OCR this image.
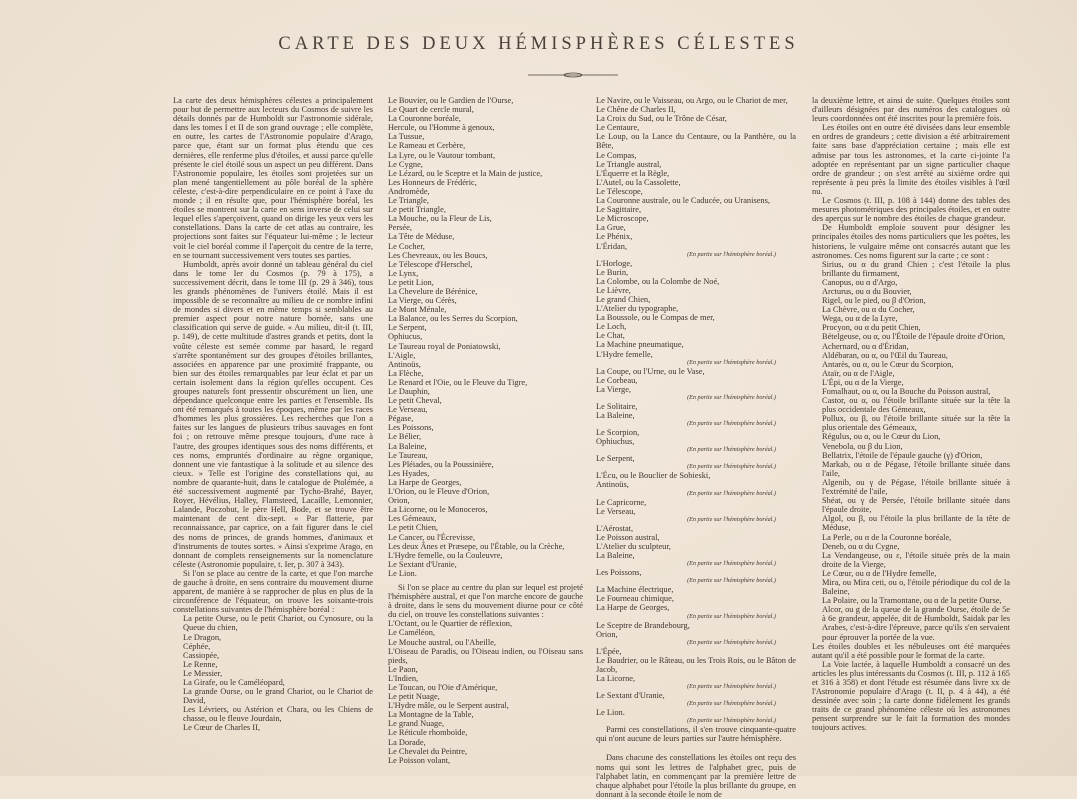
CARTE DES DEUX HÉMISPHÈRES CÉLESTES

La carte des deux hémisphères célestes a principalement pour but de permettre aux lecteurs du Cosmos de suivre les détails donnés par de Humboldt sur l'astronomie sidérale, dans les tomes I et II de son grand ouvrage ; elle complète, en outre, les cartes de l'Astronomie populaire d'Arago, parce que, étant sur un format plus étendu que ces dernières, elle renferme plus d'étoiles, et aussi parce qu'elle présente le ciel étoilé sous un aspect un peu différent. Dans l'Astronomie populaire, les étoiles sont projetées sur un plan mené tangentiellement au pôle boréal de la sphère céleste, c'est-à-dire perpendiculaire en ce point à l'axe du monde ; il en résulte que, pour l'hémisphère boréal, les étoiles se montrent sur la carte en sens inverse de celui sur lequel elles s'aperçoivent, quand on dirige les yeux vers les constellations. Dans la carte de cet atlas au contraire, les projections sont faites sur l'équateur lui-même ; le lecteur voit le ciel boréal comme il l'aperçoit du centre de la terre, en se tournant successivement vers toutes ses parties.

Humboldt, après avoir donné un tableau général du ciel dans le tome Ier du Cosmos (p. 79 à 175), a successivement décrit, dans le tome III (p. 29 à 346), tous les grands phénomènes de l'univers étoilé. Mais il est impossible de se reconnaître au milieu de ce nombre infini de mondes si divers et en même temps si semblables au premier aspect pour notre nature bornée, sans une classification qui serve de guide. « Au milieu, dit-il (t. III, p. 149), de cette multitude d'astres grands et petits, dont la voûte céleste est semée comme par hasard, le regard s'arrête spontanément sur des groupes d'étoiles brillantes, associées en apparence par une proximité frappante, ou bien sur des étoiles remarquables par leur éclat et par un certain isolement dans la région qu'elles occupent. Ces groupes naturels font pressentir obscurément un lien, une dépendance quelconque entre les parties et l'ensemble. Ils ont été remarqués à toutes les époques, même par les races d'hommes les plus grossières. Les recherches que l'on a faites sur les langues de plusieurs tribus sauvages en font foi ; on retrouve même presque toujours, d'une race à l'autre, des groupes identiques sous des noms différents, et ces noms, empruntés d'ordinaire au règne organique, donnent une vie fantastique à la solitude et au silence des cieux. » Telle est l'origine des constellations qui, au nombre de quarante-huit, dans le catalogue de Ptolémée, a été successivement augmenté par Tycho-Brahé, Bayer, Royer, Hévélius, Halley, Flamsteed, Lacaille, Lemonnier, Lalande, Poczobut, le père Hell, Bode, et se trouve être maintenant de cent dix-sept. « Par flatterie, par reconnaissance, par caprice, on a fait figurer dans le ciel des noms de princes, de grands hommes, d'animaux et d'instruments de toutes sortes. » Ainsi s'exprime Arago, en donnant de complets renseignements sur la nomenclature céleste (Astronomie populaire, t. Ier, p. 307 à 343).

Si l'on se place au centre de la carte, et que l'on marche de gauche à droite, en sens contraire du mouvement diurne apparent, de manière à se rapprocher de plus en plus de la circonférence de l'équateur, on trouve les soixante-trois constellations suivantes de l'hémisphère boréal :

La petite Ourse, ou le petit Chariot, ou Cynosure, ou la Queue du chien,
Le Dragon,
Céphée,
Cassiopée,
Le Renne,
Le Messier,
La Girafe, ou le Caméléopard,
La grande Ourse, ou le grand Chariot, ou le Chariot de David,
Les Lévriers, ou Astérion et Chara, ou les Chiens de chasse, ou le fleuve Jourdain,
Le Cœur de Charles II,
Le Bouvier, ou le Gardien de l'Ourse,
Le Quart de cercle mural,
La Couronne boréale,
Hercule, ou l'Homme à genoux,
La Tussue,
Le Rameau et Cerbère,
La Lyre, ou le Vautour tombant,
Le Cygne,
Le Lézard, ou le Sceptre et la Main de justice,
Les Honneurs de Frédéric,
Andromède,
Le Triangle,
Le petit Triangle,
La Mouche, ou la Fleur de Lis,
Persée,
La Tête de Méduse,
Le Cocher,
Les Chevreaux, ou les Boucs,
Le Télescope d'Herschel,
Le Lynx,
Le petit Lion,
La Chevelure de Bérénice,
La Vierge, ou Cérès,
Le Mont Ménale,
La Balance, ou les Serres du Scorpion,
Le Serpent,
Ophiucus,
Le Taureau royal de Poniatowski,
L'Aigle,
Antinoüs,
La Flèche,
Le Renard et l'Oie, ou le Fleuve du Tigre,
Le Dauphin,
Le petit Cheval,
Le Verseau,
Pégase,
Les Poissons,
Le Bélier,
La Baleine,
Le Taureau,
Les Pléiades, ou la Poussinière,
Les Hyades,
La Harpe de Georges,
L'Orion, ou le Fleuve d'Orion,
Orion,
La Licorne, ou le Monoceros,
Les Gémeaux,
Le petit Chien,
Le Cancer, ou l'Écrevisse,
Les deux Ânes et Præsepe, ou l'Étable, ou la Crèche,
L'Hydre femelle, ou la Couleuvre,
Le Sextant d'Uranie,
Le Lion.

Si l'on se place au centre du plan sur lequel est projeté l'hémisphère austral, et que l'on marche encore de gauche à droite, dans le sens du mouvement diurne pour ce côté du ciel, on trouve les constellations suivantes :

L'Octant, ou le Quartier de réflexion,
Le Caméléon,
Le Mouche austral, ou l'Abeille,
L'Oiseau de Paradis, ou l'Oiseau indien, ou l'Oiseau sans pieds,
Le Paon,
L'Indien,
Le Toucan, ou l'Oie d'Amérique,
Le petit Nuage,
L'Hydre mâle, ou le Serpent austral,
La Montagne de la Table,
Le grand Nuage,
Le Réticule rhomboïde,
La Dorade,
Le Chevalet du Peintre,
Le Poisson volant,
Le Navire, ou le Vaisseau, ou Argo, ou le Chariot de mer,
Le Chêne de Charles II,
La Croix du Sud, ou le Trône de César,
Le Centaure,
Le Loup, ou la Lance du Centaure, ou la Panthère, ou la Bête,
Le Compas,
Le Triangle austral,
L'Équerre et la Règle,
L'Autel, ou la Cassolette,
Le Télescope,
La Couronne australe, ou le Caducée, ou Uranisens,
Le Sagittaire,
Le Microscope,
La Grue,
Le Phénix,
L'Éridan,
(En partie sur l'hémisphère boréal.)
L'Horloge,
Le Burin,
La Colombe, ou la Colombe de Noé,
Le Lièvre,
Le grand Chien,
L'Atelier du typographe,
La Boussole, ou le Compas de mer,
Le Loch,
Le Chat,
La Machine pneumatique,
L'Hydre femelle,
(En partie sur l'hémisphère boréal.)
La Coupe, ou l'Urne, ou le Vase,
Le Corbeau,
La Vierge,
(En partie sur l'hémisphère boréal.)
Le Solitaire,
La Baleine,
(En partie sur l'hémisphère boréal.)
Le Scorpion,
Ophiuchus,
(En partie sur l'hémisphère boréal.)
Le Serpent,
(En partie sur l'hémisphère boréal.)
L'Écu, ou le Bouclier de Sobieski,
Antinoüs,
(En partie sur l'hémisphère boréal.)
Le Capricorne,
Le Verseau,
(En partie sur l'hémisphère boréal.)
L'Aérostat,
Le Poisson austral,
L'Atelier du sculpteur,
La Baleine,
(En partie sur l'hémisphère boréal.)
Les Poissons,
(En partie sur l'hémisphère boréal.)
La Machine électrique,
Le Fourneau chimique,
La Harpe de Georges,
(En partie sur l'hémisphère boréal.)
Le Sceptre de Brandebourg,
Orion,
(En partie sur l'hémisphère boréal.)
L'Épée,
Le Baudrier, ou le Râteau, ou les Trois Rois, ou le Bâton de Jacob,
La Licorne,
(En partie sur l'hémisphère boréal.)
Le Sextant d'Uranie,
(En partie sur l'hémisphère boréal.)
Le Lion.
(En partie sur l'hémisphère boréal.)

Parmi ces constellations, il s'en trouve cinquante-quatre qui n'ont aucune de leurs parties sur l'autre hémisphère.

Dans chacune des constellations les étoiles ont reçu des noms qui sont les lettres de l'alphabet grec, puis de l'alphabet latin, en commençant par la première lettre de chaque alphabet pour l'étoile la plus brillante du groupe, en donnant à la seconde étoile le nom de

la deuxième lettre, et ainsi de suite. Quelques étoiles sont d'ailleurs désignées par des numéros des catalogues où leurs coordonnées ont été inscrites pour la première fois.

Les étoiles ont en outre été divisées dans leur ensemble en ordres de grandeurs ; cette division a été arbitrairement faite sans base d'appréciation certaine ; mais elle est admise par tous les astronomes, et la carte ci-jointe l'a adoptée en représentant par un signe particulier chaque ordre de grandeur ; on s'est arrêté au sixième ordre qui représente à peu près la limite des étoiles visibles à l'œil nu.

Le Cosmos (t. III, p. 108 à 144) donne des tables des mesures photométriques des principales étoiles, et en outre des aperçus sur le nombre des étoiles de chaque grandeur.

De Humboldt emploie souvent pour désigner les principales étoiles des noms particuliers que les poëtes, les historiens, le vulgaire même ont consacrés autant que les astronomes. Ces noms figurent sur la carte ; ce sont :

Sirius, ou α du grand Chien ; c'est l'étoile la plus brillante du firmament,
Canopus, ou α d'Argo,
Arcturus, ou α du Bouvier,
Rigel, ou le pied, ou β d'Orion,
La Chèvre, ou α du Cocher,
Wega, ou α de la Lyre,
Procyon, ou α du petit Chien,
Bételgeuse, ou α, ou l'Étoile de l'épaule droite d'Orion,
Achernard, ou α d'Éridan,
Aldébaran, ou α, ou l'Œil du Taureau,
Antarès, ou α, ou le Cœur du Scorpion,
Ataïr, ou α de l'Aigle,
L'Épi, ou α de la Vierge,
Fomalhaut, ou α, ou la Bouche du Poisson austral,
Castor, ou α, ou l'étoile brillante située sur la tête la plus occidentale des Gémeaux,
Pollux, ou β, ou l'étoile brillante située sur la tête la plus orientale des Gémeaux,
Régulus, ou α, ou le Cœur du Lion,
Venebola, ou β du Lion,
Bellatrix, l'étoile de l'épaule gauche (γ) d'Orion,
Markab, ou α de Pégase, l'étoile brillante située dans l'aile,
Algenib, ou γ de Pégase, l'étoile brillante située à l'extrémité de l'aile,
Shéat, ou γ de Persée, l'étoile brillante située dans l'épaule droite,
Algol, ou β, ou l'étoile la plus brillante de la tête de Méduse,
La Perle, ou α de la Couronne boréale,
Deneb, ou α du Cygne,
La Vendangeuse, ou ε, l'étoile située près de la main droite de la Vierge,
Le Cœur, ou α de l'Hydre femelle,
Mira, ou Mira ceti, ou ο, l'étoile périodique du col de la Baleine,
La Polaire, ou la Tramontane, ou α de la petite Ourse,
Alcor, ou g de la queue de la grande Ourse, étoile de 5e à 6e grandeur, appelée, dit de Humboldt, Saidak par les Arabes, c'est-à-dire l'épreuve, parce qu'ils s'en servaient pour éprouver la portée de la vue.

Les étoiles doubles et les nébuleuses ont été marquées autant qu'il a été possible pour le format de la carte.

La Voie lactée, à laquelle Humboldt a consacré un des articles les plus intéressants du Cosmos (t. III, p. 112 à 165 et 316 à 358) et dont l'étude est résumée dans livre xx de l'Astronomie populaire d'Arago (t. II, p. 4 à 44), a été dessinée avec soin ; la carte donne fidèlement les grands traits de ce grand phénomène céleste où les astronomes pensent surprendre sur le fait la formation des mondes toujours actives.
